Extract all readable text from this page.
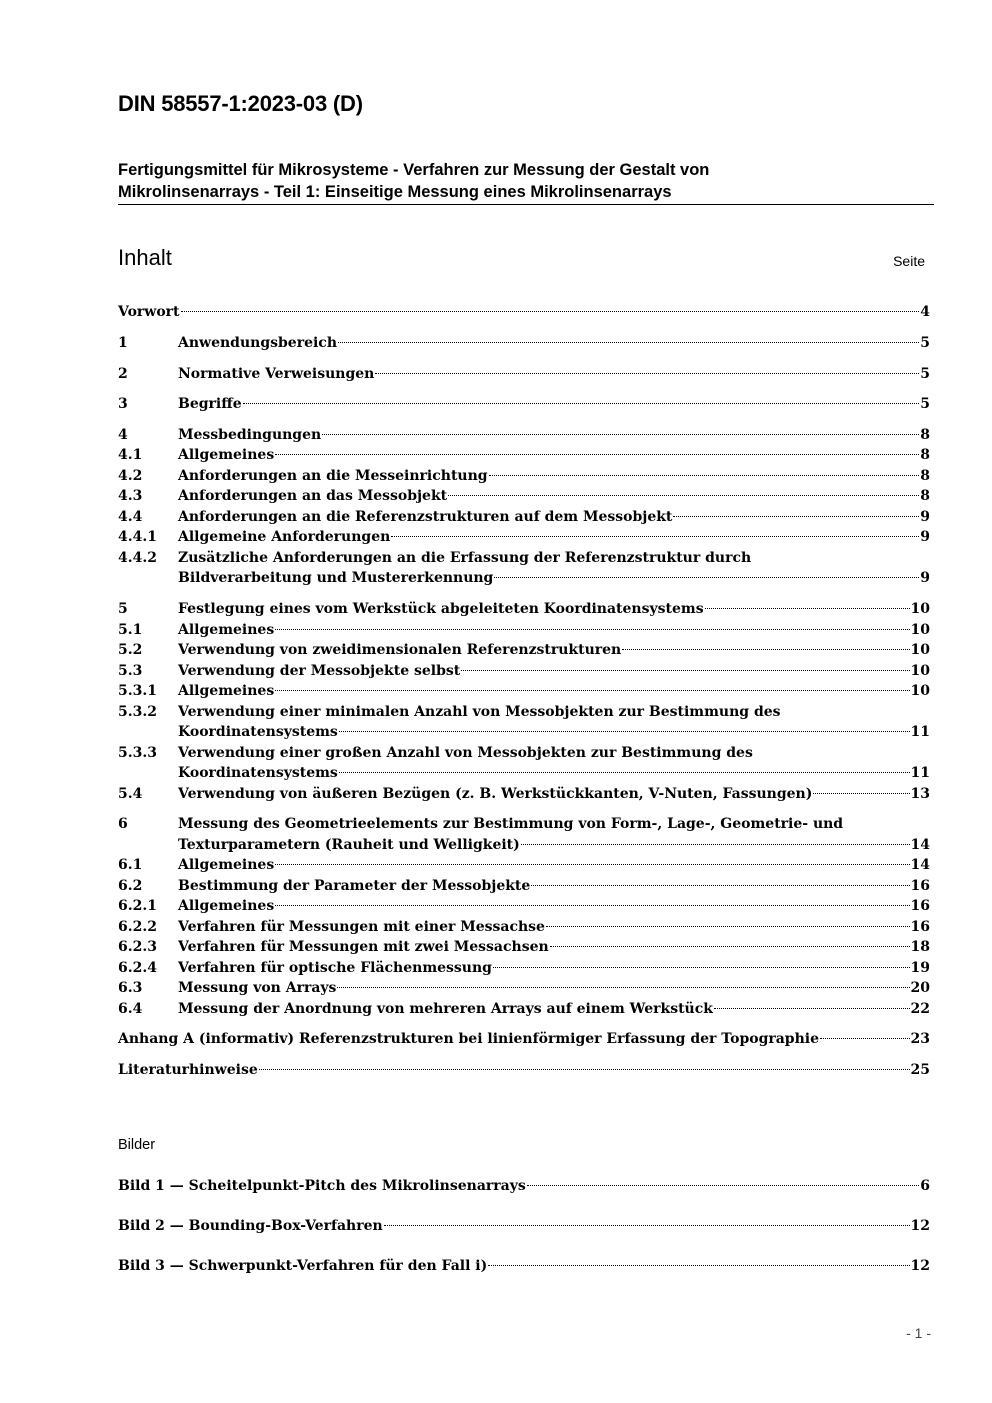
DIN 58557-1:2023-03 (D)
Fertigungsmittel für Mikrosysteme - Verfahren zur Messung der Gestalt von
Mikrolinsenarrays - Teil 1: Einseitige Messung eines Mikrolinsenarrays
Inhalt	Seite
Vorwort	4
1	Anwendungsbereich	5
2	Normative Verweisungen	5
3	Begriffe	5
4	Messbedingungen	8
4.1	Allgemeines	8
4.2	Anforderungen an die Messeinrichtung	8
4.3	Anforderungen an das Messobjekt	8
4.4	Anforderungen an die Referenzstrukturen auf dem Messobjekt	9
4.4.1 Allgemeine Anforderungen	9
4.4.2 Zusätzliche Anforderungen an die Erfassung der Referenzstruktur durch
Bildverarbeitung und Mustererkennung	9
5	Festlegung eines vom Werkstück abgeleiteten Koordinatensystems	10
5.1	Allgemeines	10
5.2	Verwendung von zweidimensionalen Referenzstrukturen	10
5.3	Verwendung der Messobjekte selbst	10
5.3.1 Allgemeines	10
5.3.2 Verwendung einer minimalen Anzahl von Messobjekten zur Bestimmung des
Koordinatensystems	11
5.3.3 Verwendung einer großen Anzahl von Messobjekten zur Bestimmung des
Koordinatensystems	11
5.4	Verwendung von äußeren Bezügen (z. B. Werkstückkanten, V-Nuten, Fassungen)	13
6	Messung des Geometrieelements zur Bestimmung von Form-, Lage-, Geometrie- und
Texturparametern (Rauheit und Welligkeit)	14
6.1	Allgemeines	14
6.2	Bestimmung der Parameter der Messobjekte	16
6.2.1 Allgemeines	16
6.2.2 Verfahren für Messungen mit einer Messachse	16
6.2.3 Verfahren für Messungen mit zwei Messachsen	18
6.2.4 Verfahren für optische Flächenmessung	19
6.3	Messung von Arrays	20
6.4	Messung der Anordnung von mehreren Arrays auf einem Werkstück	22
Anhang A (informativ) Referenzstrukturen bei linienförmiger Erfassung der Topographie	23
Literaturhinweise	25
Bilder
Bild 1 — Scheitelpunkt-Pitch des Mikrolinsenarrays	6
Bild 2 — Bounding-Box-Verfahren	12
Bild 3 — Schwerpunkt-Verfahren für den Fall i)	12
- 1 -
